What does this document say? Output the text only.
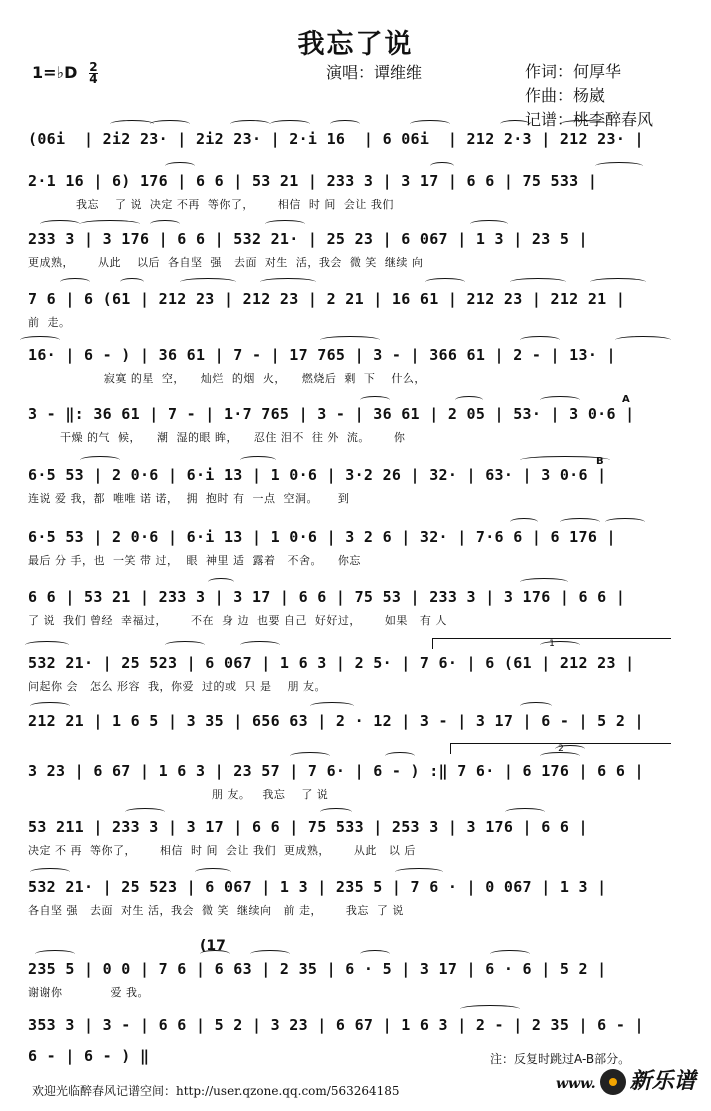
我忘了说
1=♭D $\frac{2}{4}$	演唱：谭维维	作词：何厚华
作曲：杨崴
记谱：桃李醉春风
(06i  | 2i2 23· | 2i2 23· | 2·i 16  | 6 06i  | 212 2·3 | 212 23· |
2·1 16 | 6) 176 | 6 6 | 53 21 | 233 3 | 3 17 | 6 6 | 75 533 |
我忘    了 说  决定 不再  等你了，      相信  时 间  会让 我们
233 3 | 3 176 | 6 6 | 532 21· | 25 23 | 6 067 | 1 3 | 23 5 |
更成熟，      从此    以后  各自坚  强   去面  对生  活，我会  微 笑  继续 向
7 6 | 6 (61 | 212 23 | 212 23 | 2 21 | 16 61 | 212 23 | 212 21 |
前  走。
16· | 6 - ) | 36 61 | 7 - | 17 765 | 3 - | 366 61 | 2 - | 13· |
寂寞 的星  空，    灿烂  的烟  火，    燃烧后  剩  下    什么，
3 - ‖: 36 61 | 7 - | 1·7 765 | 3 - | 36 61 | 2 05 | 53· | 3 0·6 |
干燥 的气  候，    潮  湿的眼 眸，    忍住 泪不  往 外  流。      你
6·5 53 | 2 0·6 | 6·i 13 | 1 0·6 | 3·2 26 | 32· | 63· | 3 0·6 |
连说 爱 我，都  唯唯 诺 诺，  拥  抱时 有  一点  空洞。     到
6·5 53 | 2 0·6 | 6·i 13 | 1 0·6 | 3 2 6 | 32· | 7·6 6 | 6 176 |
最后 分 手，也  一笑 带 过，  眼  神里 适  露着   不舍。    你忘
6 6 | 53 21 | 233 3 | 3 17 | 6 6 | 75 53 | 233 3 | 3 176 | 6 6 |
了 说  我们 曾经  幸福过，      不在  身 边  也要 自己  好好过，      如果   有 人
532 21· | 25 523 | 6 067 | 1 6 3 | 2 5· | 7 6· | 6 (61 | 212 23 |
问起你 会   怎么 形容  我，你爱  过的或  只 是    朋 友。
212 21 | 1 6 5 | 3 35 | 656 63 | 2 · 12 | 3 - | 3 17 | 6 - | 5 2 |
3 23 | 6 67 | 1 6 3 | 23 57 | 7 6· | 6 - ) :‖ 7 6· | 6 176 | 6 6 |
朋 友。   我忘    了 说
53 211 | 233 3 | 3 17 | 6 6 | 75 533 | 253 3 | 3 176 | 6 6 |
决定 不 再  等你了，      相信  时 间  会让 我们  更成熟，      从此   以 后
532 21· | 25 523 | 6 067 | 1 3 | 235 5 | 7 6 · | 0 067 | 1 3 |
各自坚 强   去面  对生 活，我会  微 笑  继续向   前 走，      我忘  了 说
235 5 | 0 0 | 7 6 | 6 63 | 2 35 | 6 · 5 | 3 17 | 6 · 6 | 5 2 |
谢谢你            爱 我。
353 3 | 3 - | 6 6 | 5 2 | 3 23 | 6 67 | 1 6 3 | 2 - | 2 35 | 6 - |
6 - | 6 - ) ‖
(17
1
2
A
B
注：反复时跳过A-B部分。
欢迎光临醉春风记谱空间：http://user.qzone.qq.com/563264185	www. 新乐谱
